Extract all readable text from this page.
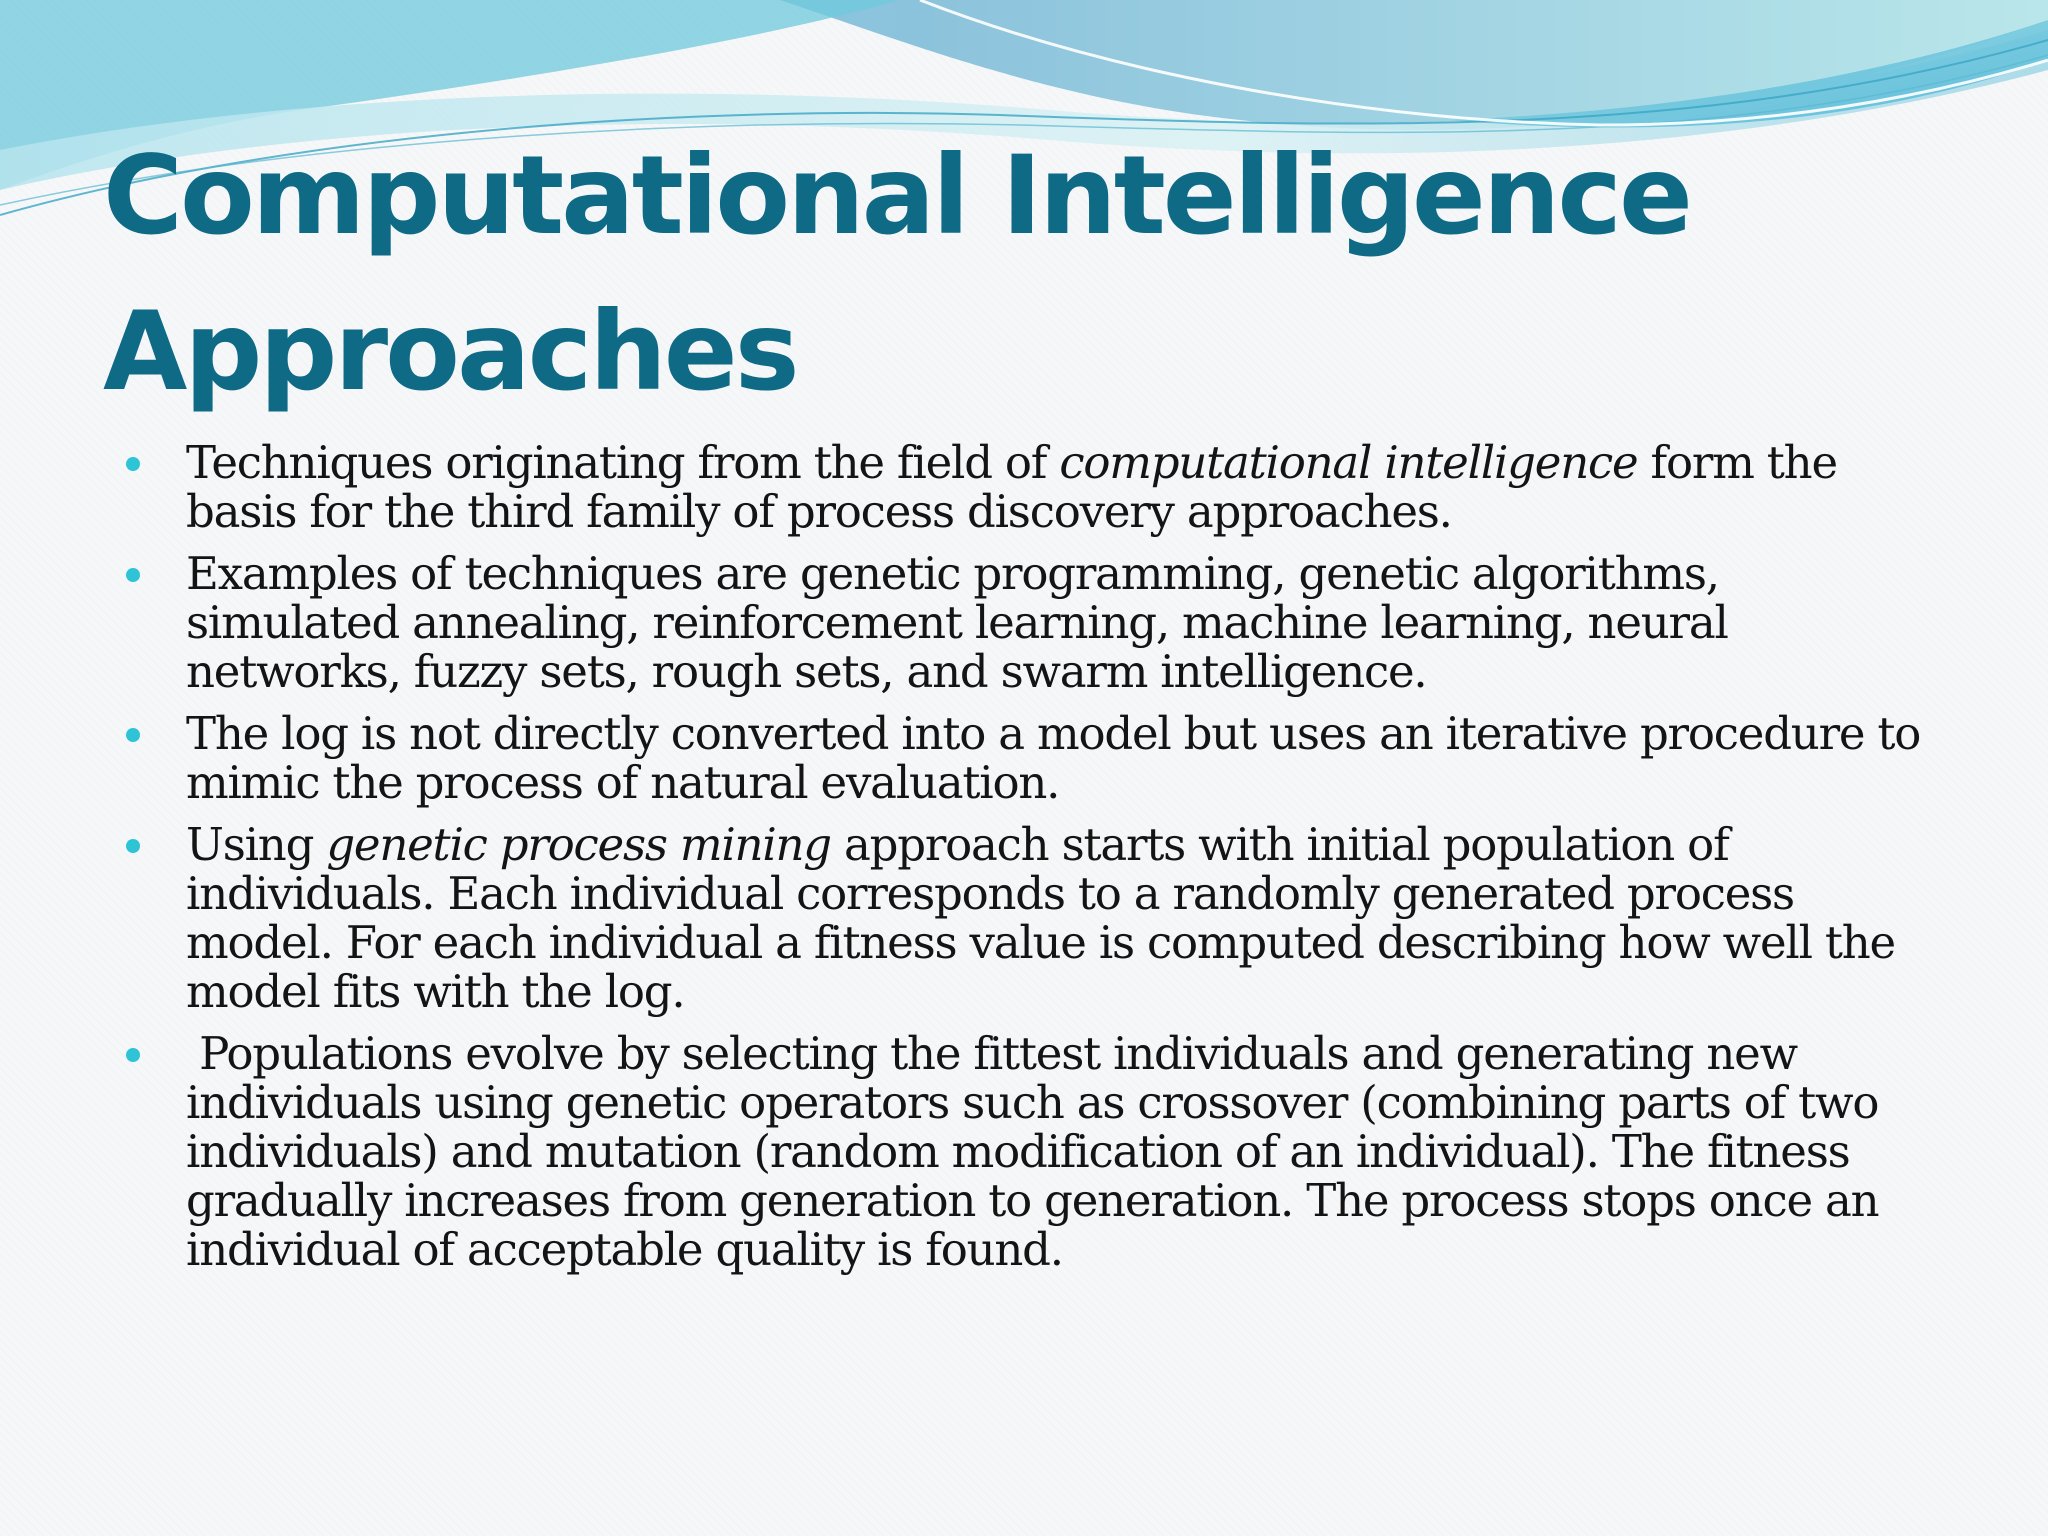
Computational Intelligence Approaches
Techniques originating from the field of computational intelligence form the basis for the third family of process discovery approaches.
Examples of techniques are genetic programming, genetic algorithms, simulated annealing, reinforcement learning, machine learning, neural networks, fuzzy sets, rough sets, and swarm intelligence.
The log is not directly converted into a model but uses an iterative procedure to mimic the process of natural evaluation.
Using genetic process mining approach starts with initial population of individuals. Each individual corresponds to a randomly generated process model. For each individual a fitness value is computed describing how well the model fits with the log.
Populations evolve by selecting the fittest individuals and generating new individuals using genetic operators such as crossover (combining parts of two individuals) and mutation (random modification of an individual). The fitness gradually increases from generation to generation. The process stops once an individual of acceptable quality is found.
